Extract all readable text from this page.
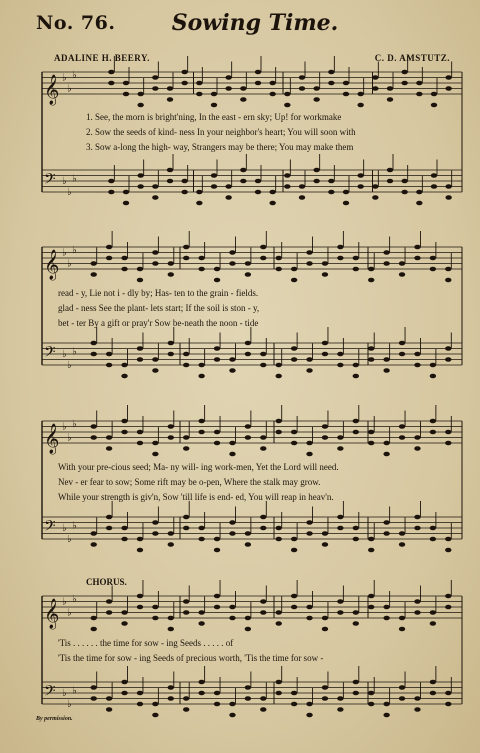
No. 76.	Sowing Time.
ADALINE H. BEERY.	C. D. AMSTUTZ.
𝄞 ♭
♭
♭
𝄢 ♭
♭
♭
𝄞 ♭
♭
♭
𝄢 ♭
♭
♭
𝄞 ♭
♭
♭
𝄢 ♭
♭
♭
𝄞 ♭
♭
♭
𝄢 ♭
♭
♭
1. See, the morn is bright'ning, In the east - ern sky; Up! for workmake
2. Sow the seeds of kind- ness In your neighbor's heart; You will soon with
3. Sow a-long the high- way, Strangers may be there; You may make them
read - y, Lie not i - dly by; Has- ten to the grain - fields.
glad - ness See the plant- lets start; If the soil is ston - y,
bet - ter By a gift or pray'r Sow be-neath the noon - tide
With your pre-cious seed; Ma- ny will- ing work-men, Yet the Lord will need.
Nev - er fear to sow; Some rift may be o-pen, Where the stalk may grow.
While your strength is giv'n, Sow 'till life is end- ed, You will reap in heav'n.
CHORUS.
'Tis . . . . . . the time for sow - ing Seeds . . . . . of
'Tis the time for sow - ing Seeds of precious worth, 'Tis the time for sow -
By permission.
